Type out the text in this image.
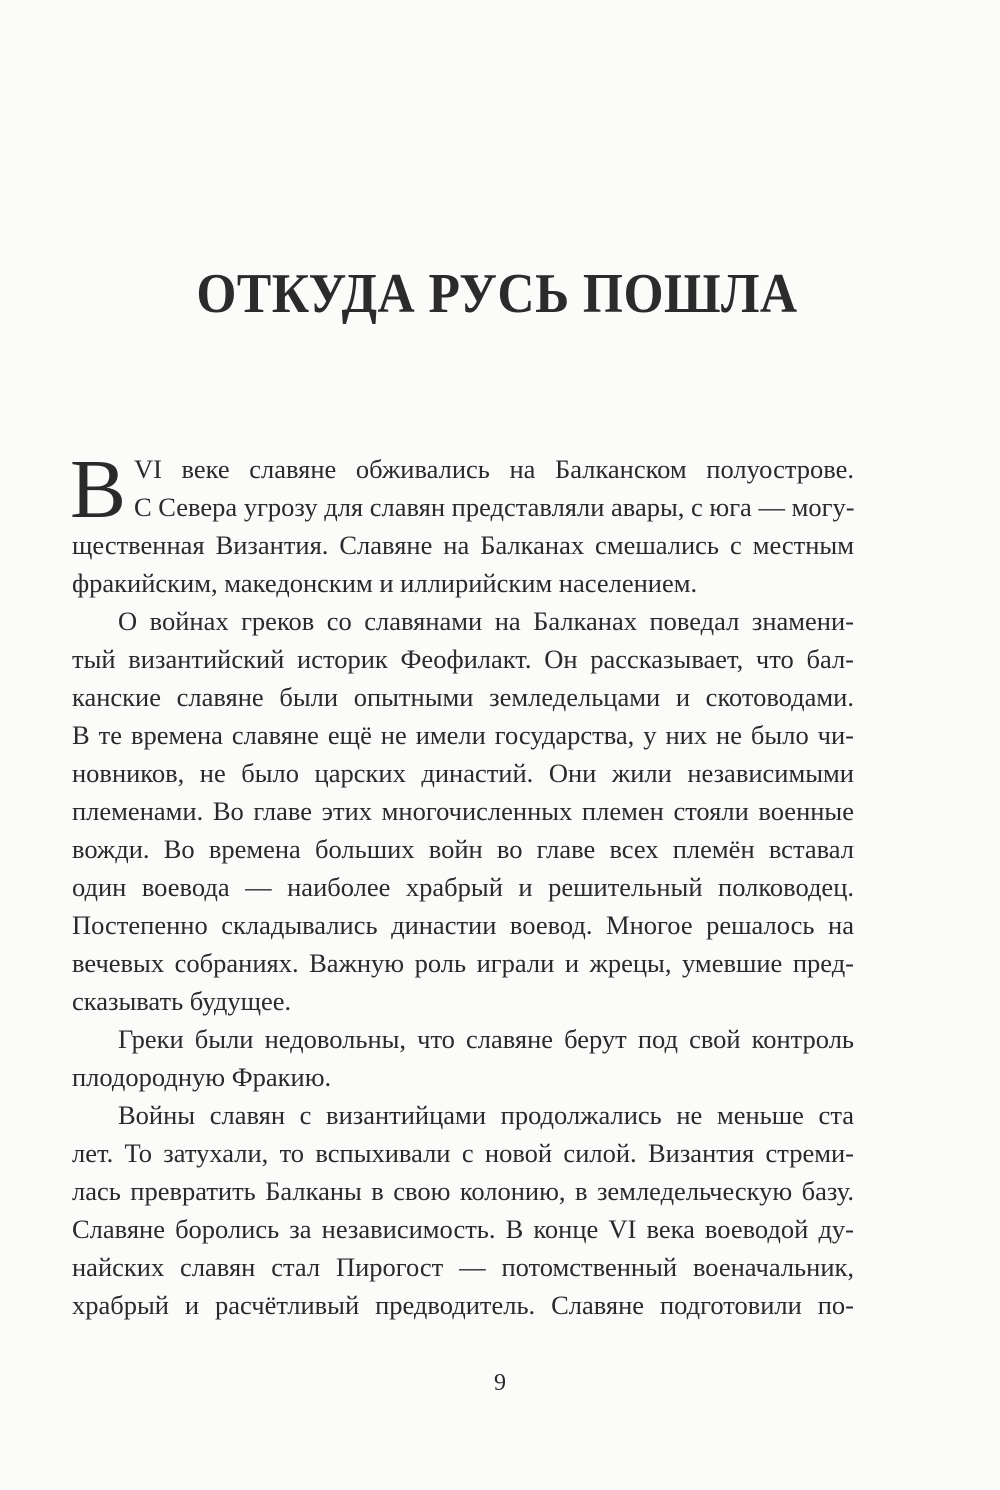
ОТКУДА РУСЬ ПОШЛА
В VI веке славяне обживались на Балканском полуострове.
С Севера угрозу для славян представляли авары, с юга — могу-
щественная Византия. Славяне на Балканах смешались с местным
фракийским, македонским и иллирийским населением.
О войнах греков со славянами на Балканах поведал знамени-
тый византийский историк Феофилакт. Он рассказывает, что бал-
канские славяне были опытными земледельцами и скотоводами.
В те времена славяне ещё не имели государства, у них не было чи-
новников, не было царских династий. Они жили независимыми
племенами. Во главе этих многочисленных племен стояли военные
вожди. Во времена больших войн во главе всех племён вставал
один воевода — наиболее храбрый и решительный полководец.
Постепенно складывались династии воевод. Многое решалось на
вечевых собраниях. Важную роль играли и жрецы, умевшие пред-
сказывать будущее.
Греки были недовольны, что славяне берут под свой контроль
плодородную Фракию.
Войны славян с византийцами продолжались не меньше ста
лет. То затухали, то вспыхивали с новой силой. Византия стреми-
лась превратить Балканы в свою колонию, в земледельческую базу.
Славяне боролись за независимость. В конце VI века воеводой ду-
найских славян стал Пирогост — потомственный военачальник,
храбрый и расчётливый предводитель. Славяне подготовили по-
9
